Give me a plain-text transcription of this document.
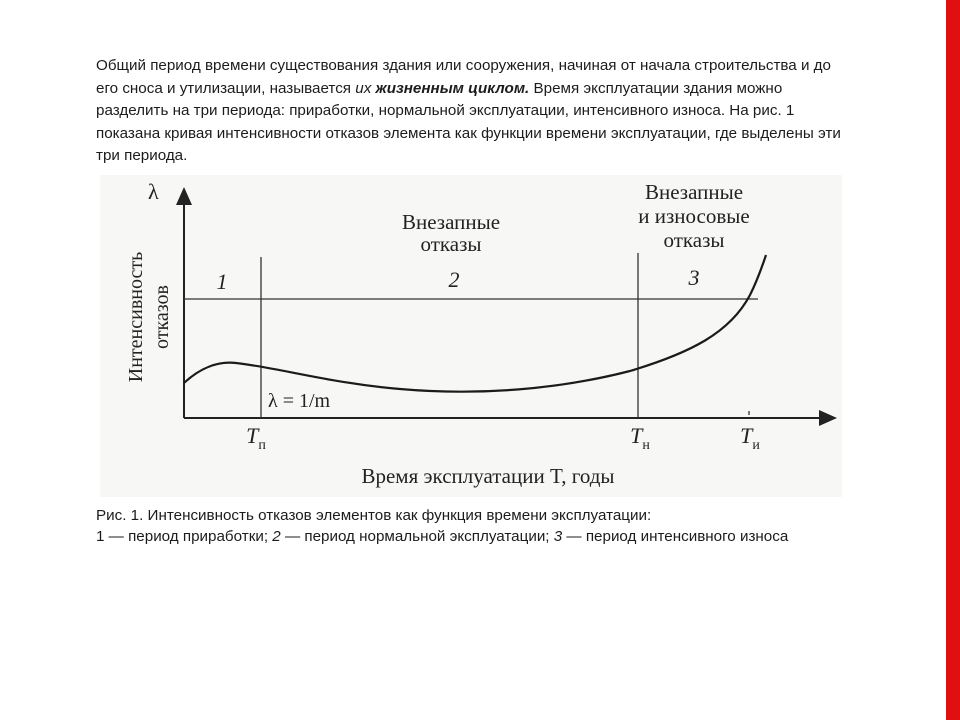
Общий период времени существования здания или сооружения, начиная от начала строительства и до его сноса и утилизации, называется их жизненным циклом. Время эксплуатации здания можно разделить на три периода: приработки, нормальной эксплуатации, интенсивного износа. На рис. 1 показана кривая интенсивности отказов элемента как функции времени эксплуатации, где выделены эти три периода.

λ
Интенсивность отказов
Внезапные
отказы
Внезапные
и износовые
отказы
1	2	3
λ = 1/m
$T_п$	$T_н$	$T_и$
Время эксплуатации T, годы

Рис. 1. Интенсивность отказов элементов как функция времени эксплуатации:
1 — период приработки; 2 — период нормальной эксплуатации; 3 — период интенсивного износа
